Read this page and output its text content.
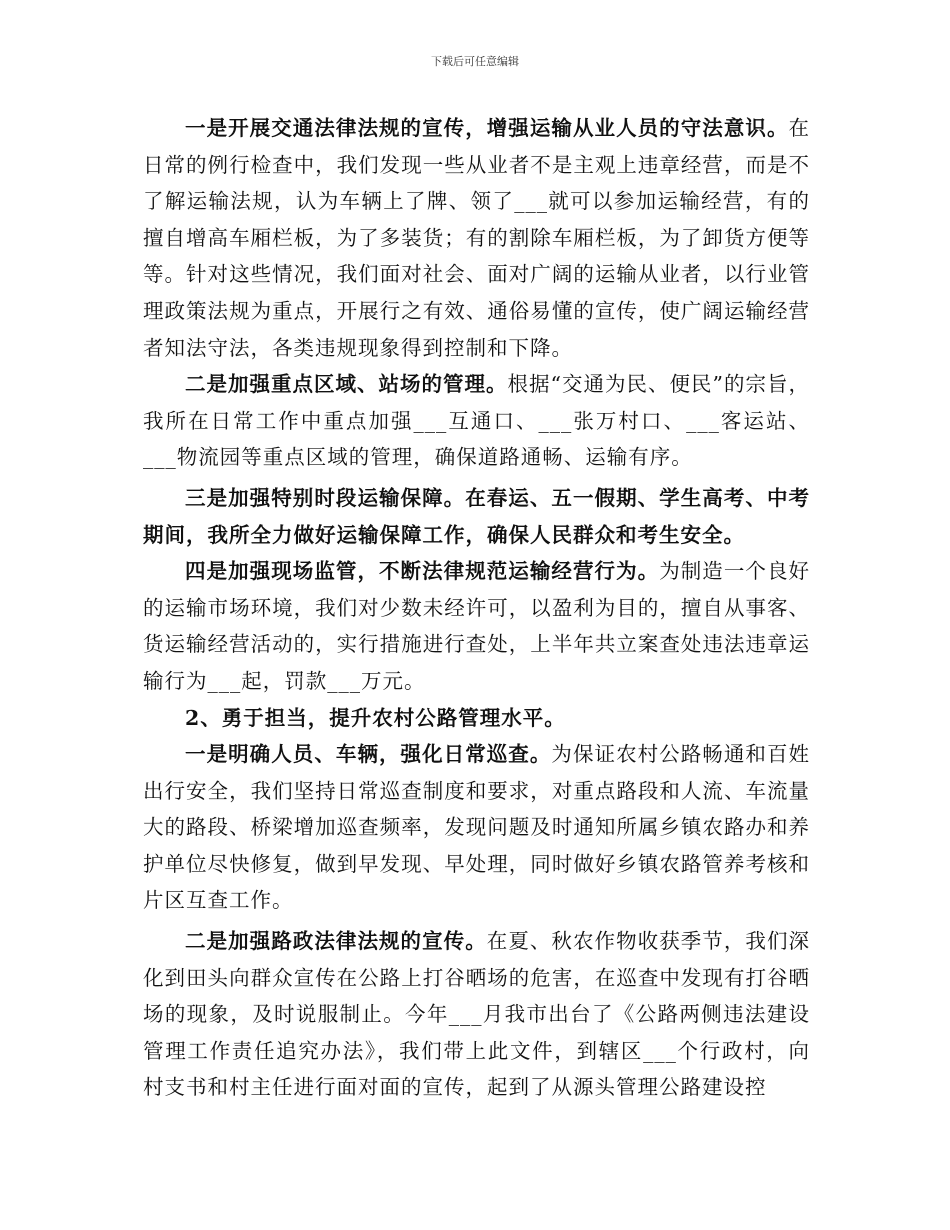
下载后可任意编辑

一是开展交通法律法规的宣传，增强运输从业人员的守法意识。在日常的例行检查中，我们发现一些从业者不是主观上违章经营，而是不了解运输法规，认为车辆上了牌、领了___就可以参加运输经营，有的擅自增高车厢栏板，为了多装货；有的割除车厢栏板，为了卸货方便等等。针对这些情况，我们面对社会、面对广阔的运输从业者，以行业管理政策法规为重点，开展行之有效、通俗易懂的宣传，使广阔运输经营者知法守法，各类违规现象得到控制和下降。

二是加强重点区域、站场的管理。根据“交通为民、便民”的宗旨，我所在日常工作中重点加强___互通口、___张万村口、___客运站、___物流园等重点区域的管理，确保道路通畅、运输有序。

三是加强特别时段运输保障。在春运、五一假期、学生高考、中考期间，我所全力做好运输保障工作，确保人民群众和考生安全。

四是加强现场监管，不断法律规范运输经营行为。为制造一个良好的运输市场环境，我们对少数未经许可，以盈利为目的，擅自从事客、货运输经营活动的，实行措施进行查处，上半年共立案查处违法违章运输行为___起，罚款___万元。

2、勇于担当，提升农村公路管理水平。

一是明确人员、车辆，强化日常巡查。为保证农村公路畅通和百姓出行安全，我们坚持日常巡查制度和要求，对重点路段和人流、车流量大的路段、桥梁增加巡查频率，发现问题及时通知所属乡镇农路办和养护单位尽快修复，做到早发现、早处理，同时做好乡镇农路管养考核和片区互查工作。

二是加强路政法律法规的宣传。在夏、秋农作物收获季节，我们深化到田头向群众宣传在公路上打谷晒场的危害，在巡查中发现有打谷晒场的现象，及时说服制止。今年___月我市出台了《公路两侧违法建设管理工作责任追究办法》，我们带上此文件，到辖区___个行政村，向村支书和村主任进行面对面的宣传，起到了从源头管理公路建设控
